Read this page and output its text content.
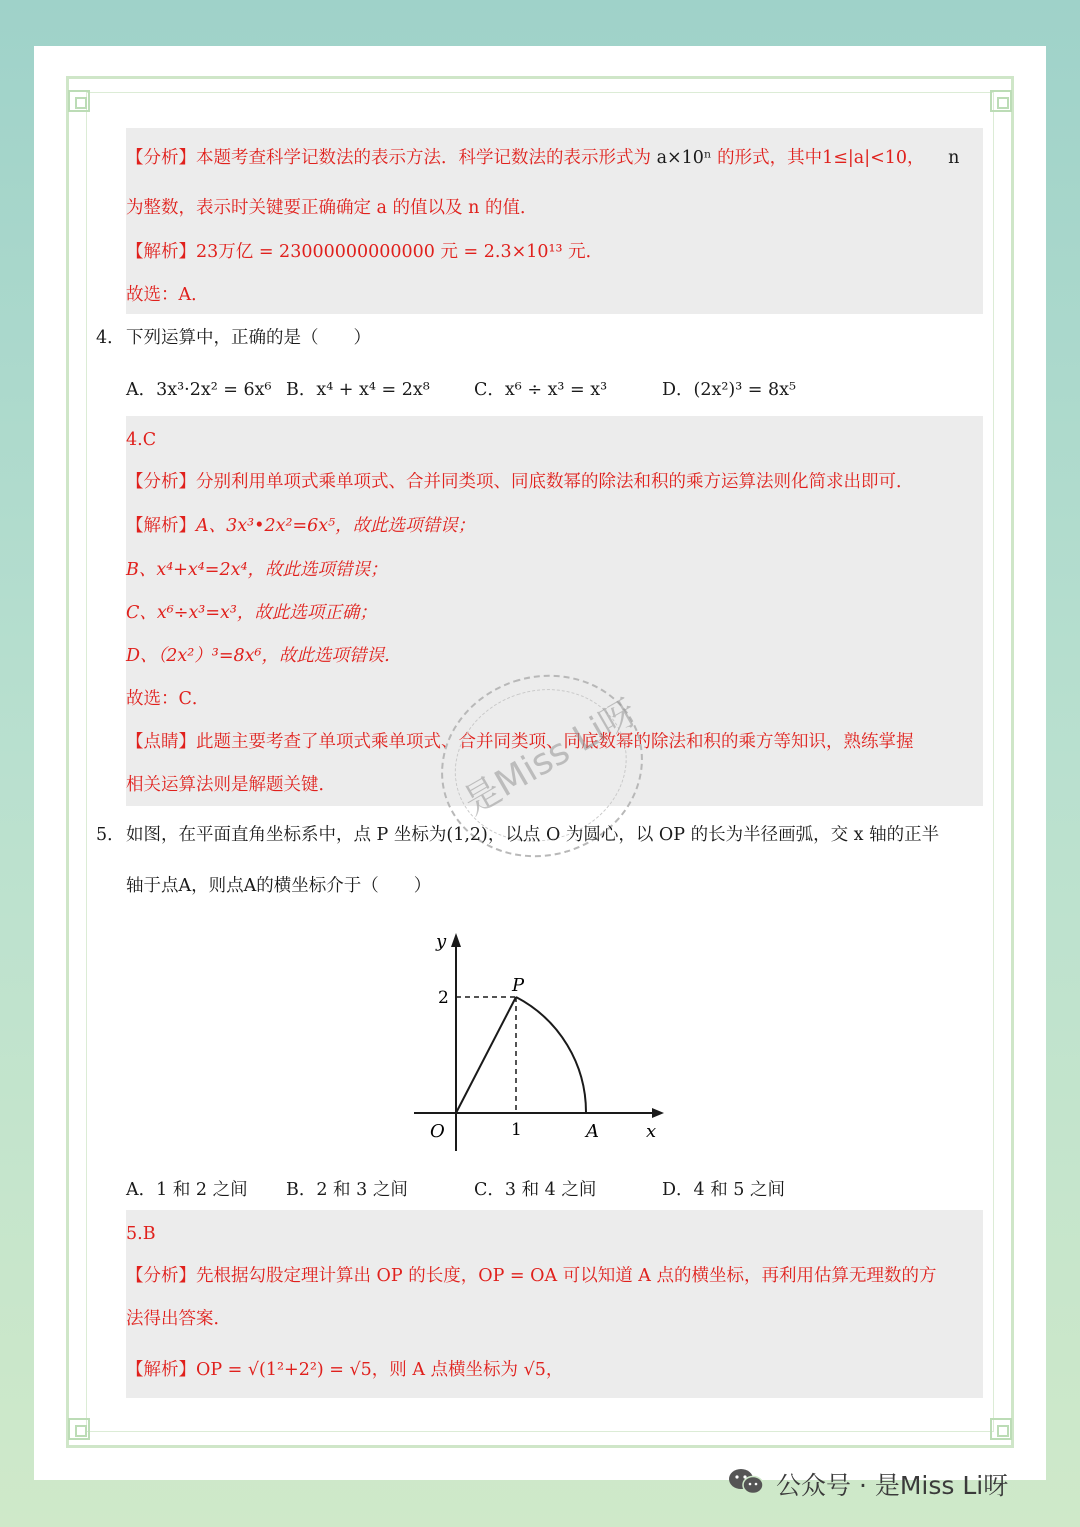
【分析】本题考查科学记数法的表示方法．科学记数法的表示形式为 a×10ⁿ 的形式，其中1≤|a|<10， n
为整数，表示时关键要正确确定 a 的值以及 n 的值．
【解析】23万亿 = 23000000000000 元 = 2.3×10¹³ 元．
故选：A．
4． 下列运算中，正确的是（　　）
A．3x³·2x² = 6x⁶ B．x⁴ + x⁴ = 2x⁸	C．x⁶ ÷ x³ = x³	D．(2x²)³ = 8x⁵
4.C
【分析】分别利用单项式乘单项式、合并同类项、同底数幂的除法和积的乘方运算法则化简求出即可．
【解析】A、3x³•2x²=6x⁵，故此选项错误；
B、x⁴+x⁴=2x⁴，故此选项错误；
C、x⁶÷x³=x³，故此选项正确；
D、（2x²）³=8x⁶，故此选项错误．
故选：C．
【点睛】此题主要考查了单项式乘单项式、合并同类项、同底数幂的除法和积的乘方等知识，熟练掌握
相关运算法则是解题关键．	是Miss Li呀
5． 如图，在平面直角坐标系中，点 P 坐标为(1,2)，以点 O 为圆心，以 OP 的长为半径画弧，交 x 轴的正半
轴于点A，则点A的横坐标介于（　　）
y
x
O
P
A
1
2
A．1 和 2 之间 B．2 和 3 之间	C．3 和 4 之间	D．4 和 5 之间
5.B
【分析】先根据勾股定理计算出 OP 的长度，OP = OA 可以知道 A 点的横坐标，再利用估算无理数的方
法得出答案．
【解析】OP = √(1²+2²) = √5，则 A 点横坐标为 √5，
公众号 · 是Miss Li呀
